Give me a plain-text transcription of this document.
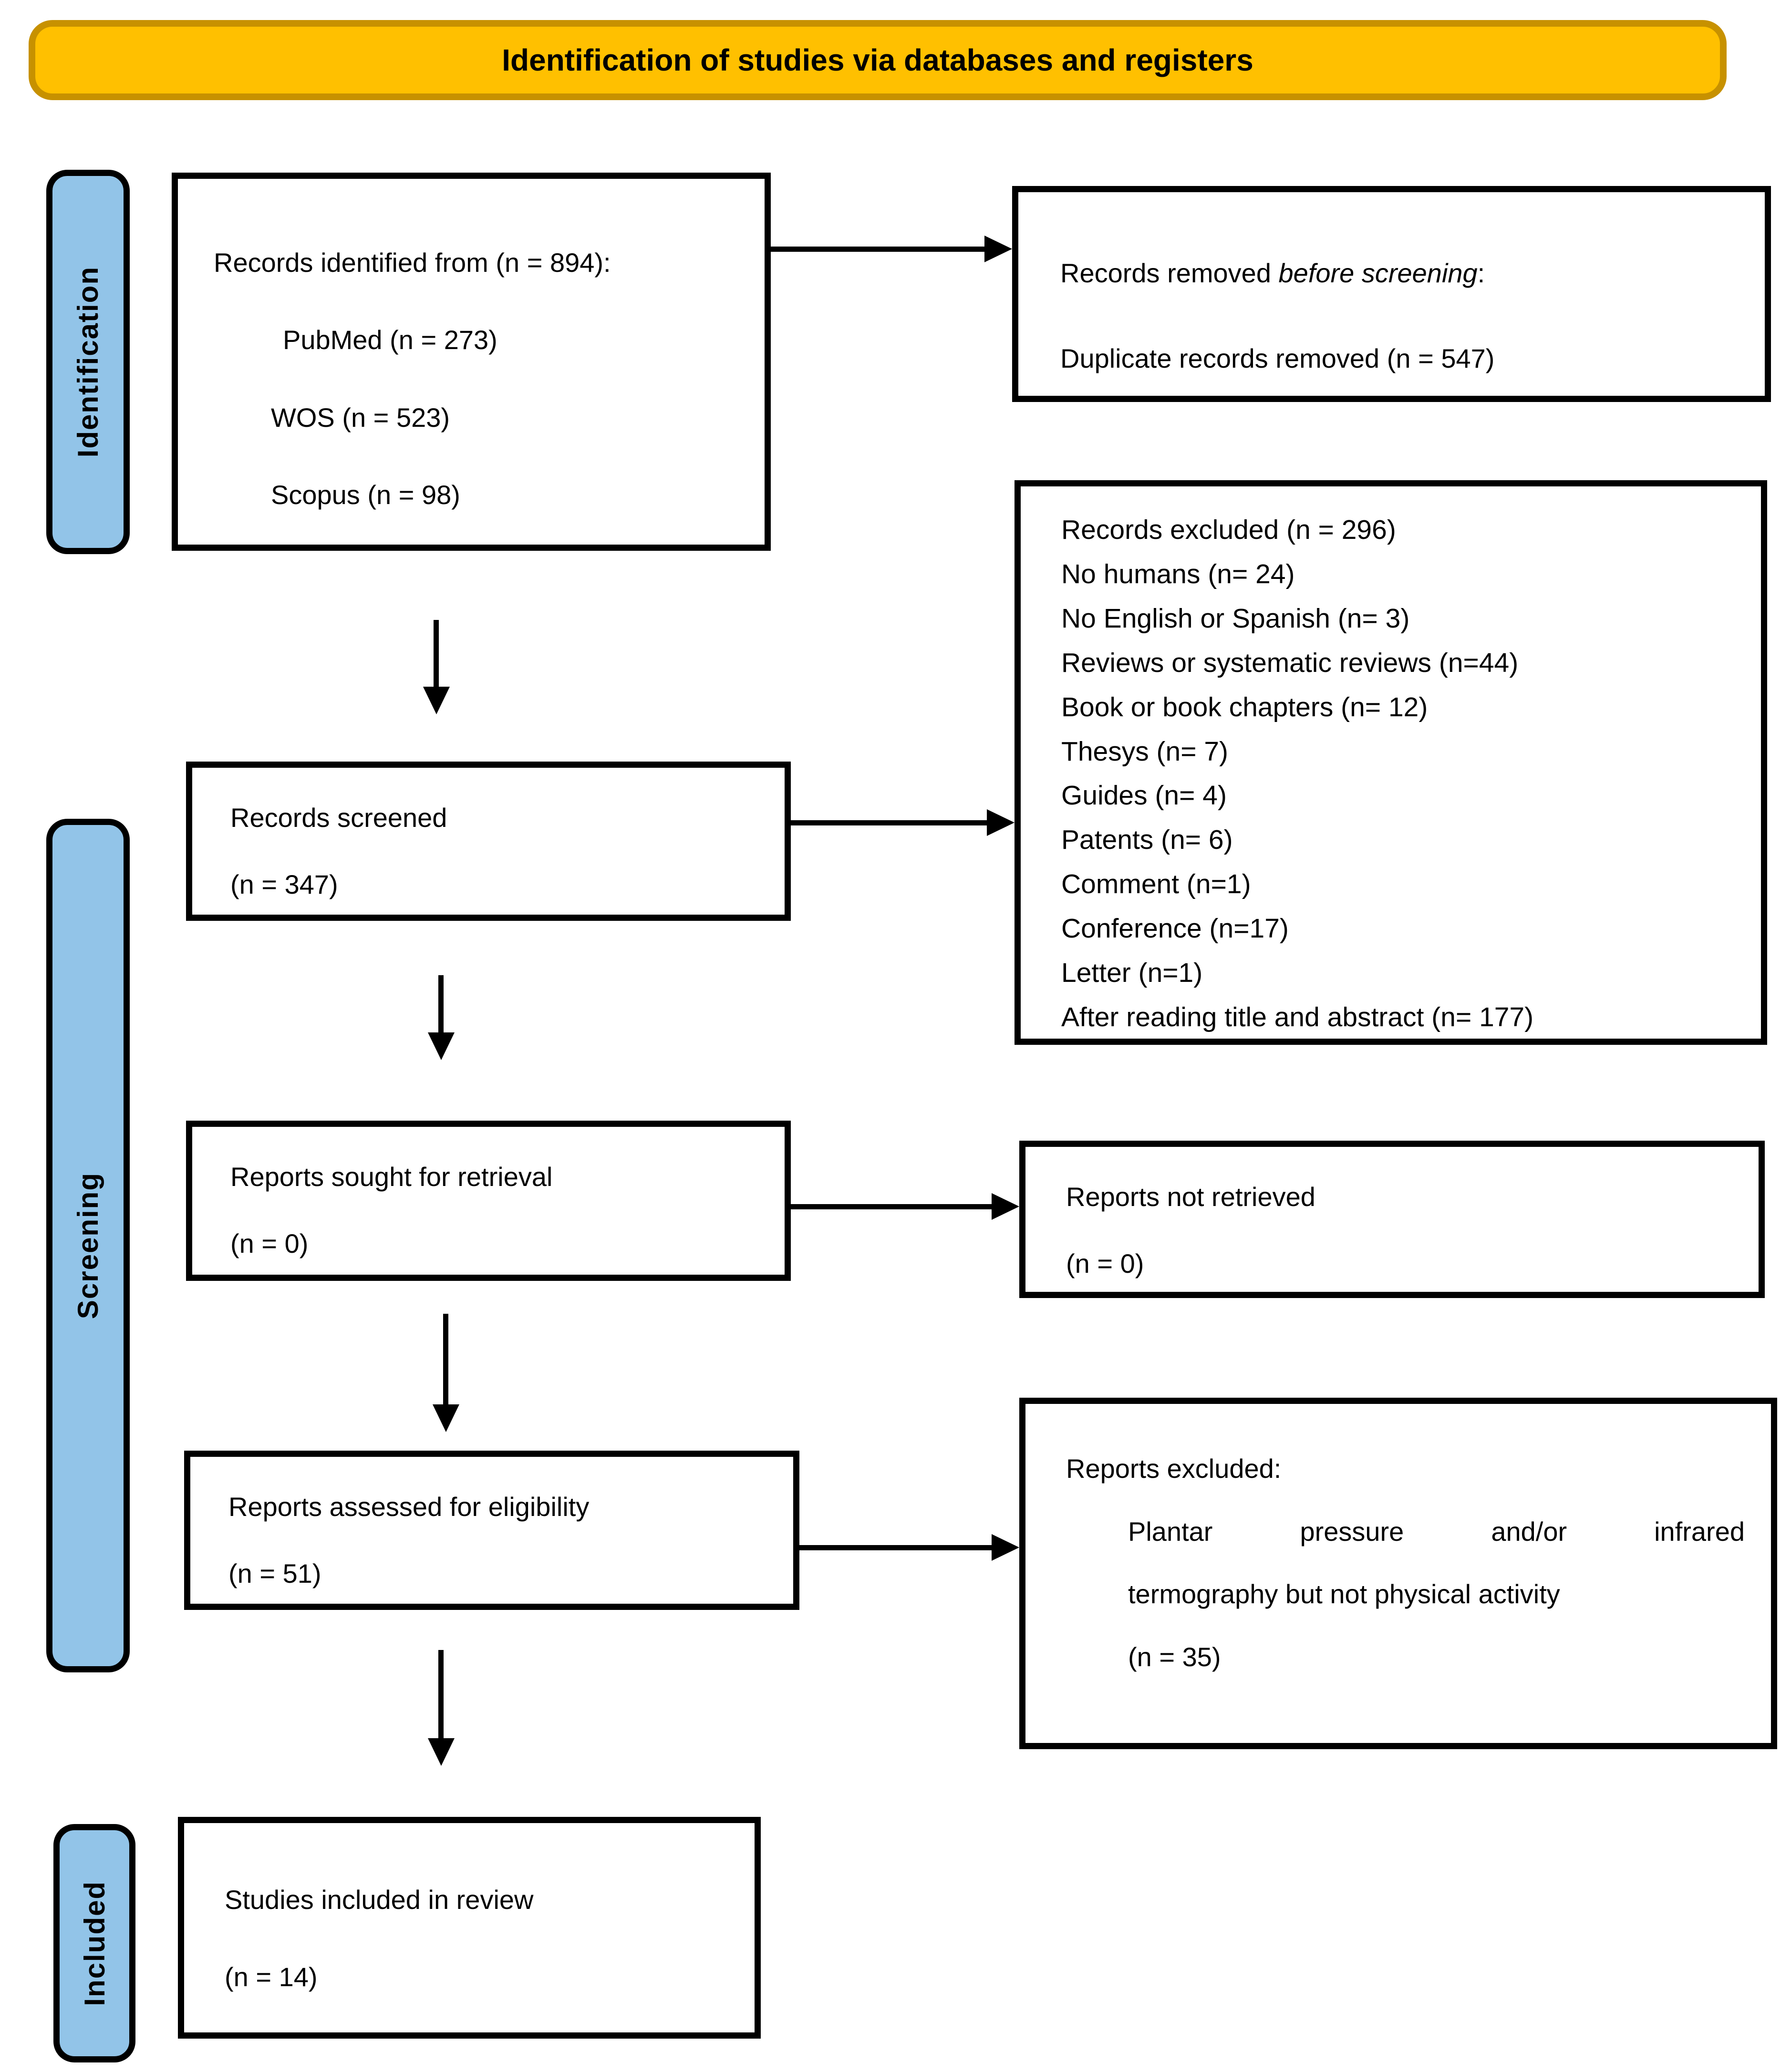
Identification of studies via databases and registers
Identification
Screening
Included
Records identified from (n = 894):
PubMed (n = 273)
WOS (n = 523)
Scopus (n = 98)
Records removed before screening:
Duplicate records removed (n = 547)
Records excluded (n = 296)
No humans (n= 24)
No English or Spanish (n= 3)
Reviews or systematic reviews (n=44)
Book or book chapters (n= 12)
Thesys (n= 7)
Guides (n= 4)
Patents (n= 6)
Comment (n=1)
Conference (n=17)
Letter (n=1)
After reading title and abstract (n= 177)
Records screened
(n = 347)
Reports sought for retrieval
(n = 0)
Reports not retrieved
(n = 0)
Reports assessed for eligibility
(n = 51)
Reports excluded:
Plantar pressure and/or infrared
termography but not physical activity
(n = 35)
Studies included in review
(n = 14)
